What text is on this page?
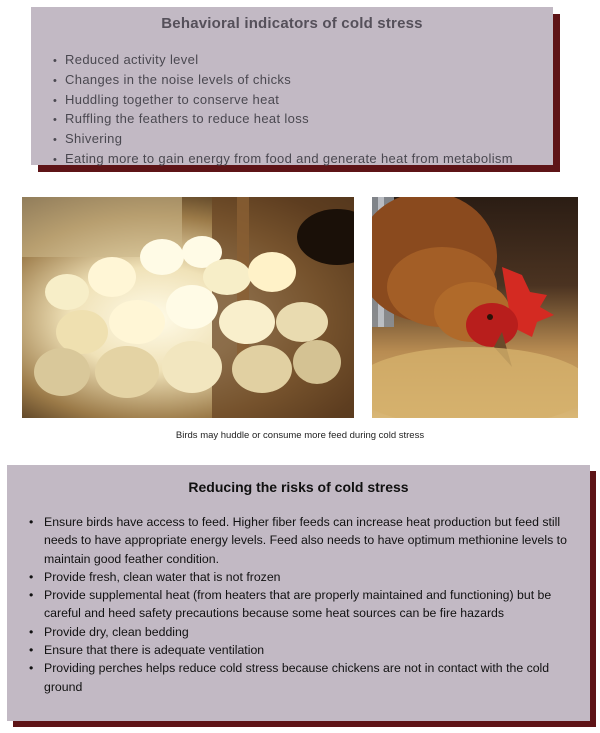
Behavioral indicators of cold stress
• Reduced activity level
• Changes in the noise levels of chicks
• Huddling together to conserve heat
• Ruffling the feathers to reduce heat loss
• Shivering
• Eating more to gain energy from food and generate heat from metabolism
Birds may huddle or consume more feed during cold stress
Reducing the risks of cold stress
• Ensure birds have access to feed. Higher fiber feeds can increase heat production but feed still needs to have appropriate energy levels. Feed also needs to have optimum methionine levels to maintain good feather condition.
• Provide fresh, clean water that is not frozen
• Provide supplemental heat (from heaters that are properly maintained and functioning) but be careful and heed safety precautions because some heat sources can be fire hazards
• Provide dry, clean bedding
• Ensure that there is adequate ventilation
• Providing perches helps reduce cold stress because chickens are not in contact with the cold ground
